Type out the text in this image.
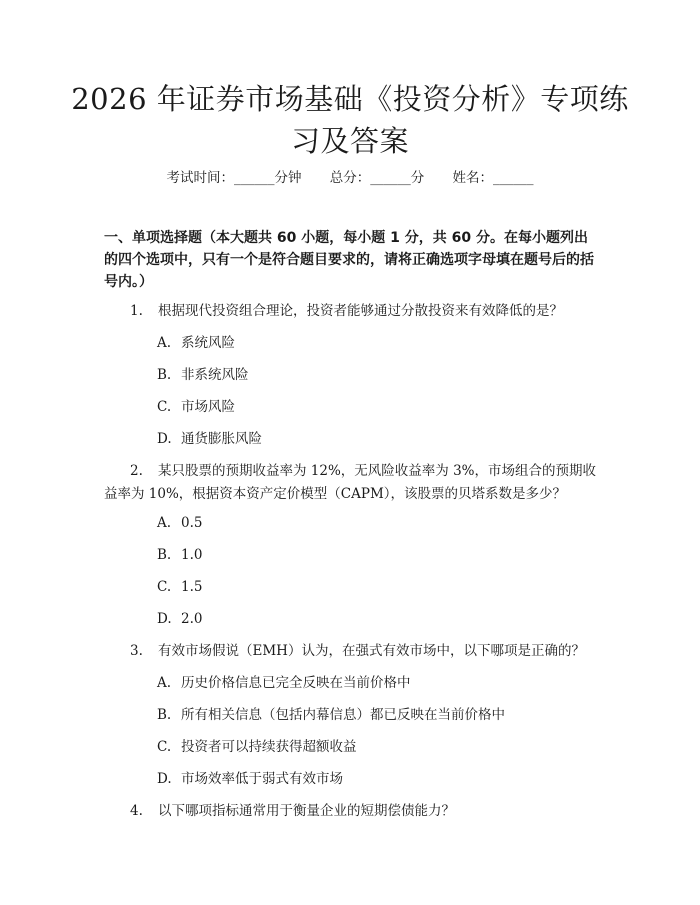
2026 年证券市场基础《投资分析》专项练习及答案
考试时间：______分钟 总分：______分 姓名：______
一、单项选择题（本大题共 60 小题，每小题 1 分，共 60 分。在每小题列出的四个选项中，只有一个是符合题目要求的，请将正确选项字母填在题号后的括号内。）
1. 根据现代投资组合理论，投资者能够通过分散投资来有效降低的是？
A. 系统风险
B. 非系统风险
C. 市场风险
D. 通货膨胀风险
2. 某只股票的预期收益率为 12%，无风险收益率为 3%，市场组合的预期收益率为 10%，根据资本资产定价模型（CAPM），该股票的贝塔系数是多少？
A. 0.5
B. 1.0
C. 1.5
D. 2.0
3. 有效市场假说（EMH）认为，在强式有效市场中，以下哪项是正确的？
A. 历史价格信息已完全反映在当前价格中
B. 所有相关信息（包括内幕信息）都已反映在当前价格中
C. 投资者可以持续获得超额收益
D. 市场效率低于弱式有效市场
4. 以下哪项指标通常用于衡量企业的短期偿债能力？
